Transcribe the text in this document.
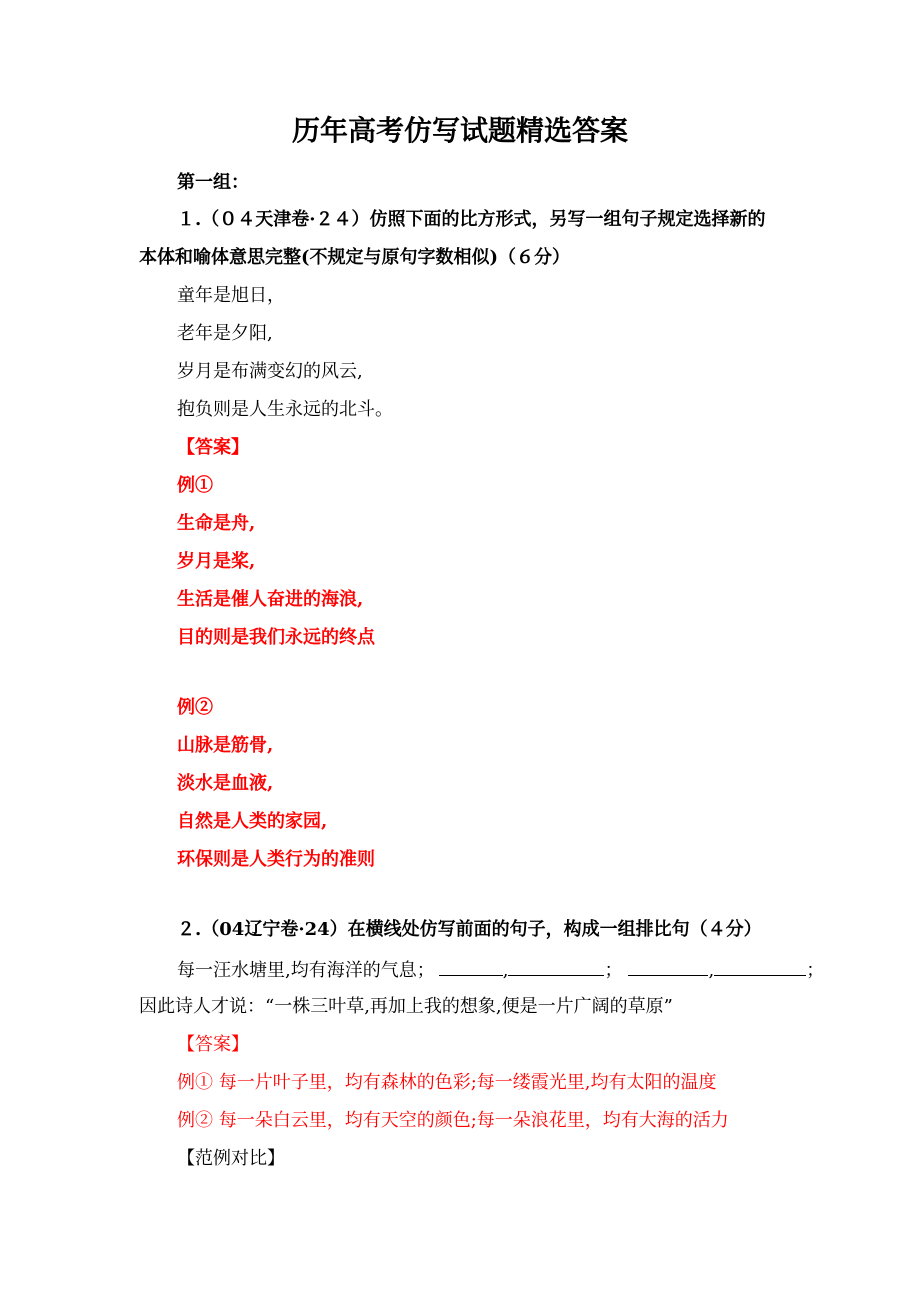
历年高考仿写试题精选答案
第一组：
１.（０４天津卷·２４）仿照下面的比方形式，另写一组句子规定选择新的
本体和喻体意思完整(不规定与原句字数相似)（６分）
童年是旭日，
老年是夕阳,
岁月是布满变幻的风云,
抱负则是人生永远的北斗。
【答案】
例①
生命是舟,
岁月是桨,
生活是催人奋进的海浪,
目的则是我们永远的终点
例②
山脉是筋骨,
淡水是血液,
自然是人类的家园,
环保则是人类行为的准则
２.（04辽宁卷·24）在横线处仿写前面的句子，构成一组排比句（４分）
每一汪水塘里,均有海洋的气息；	,	；	,	；
因此诗人才说：“一株三叶草,再加上我的想象,便是一片广阔的草原”
【答案】
例① 每一片叶子里，均有森林的色彩;每一缕霞光里,均有太阳的温度
例② 每一朵白云里，均有天空的颜色;每一朵浪花里，均有大海的活力
【范例对比】
